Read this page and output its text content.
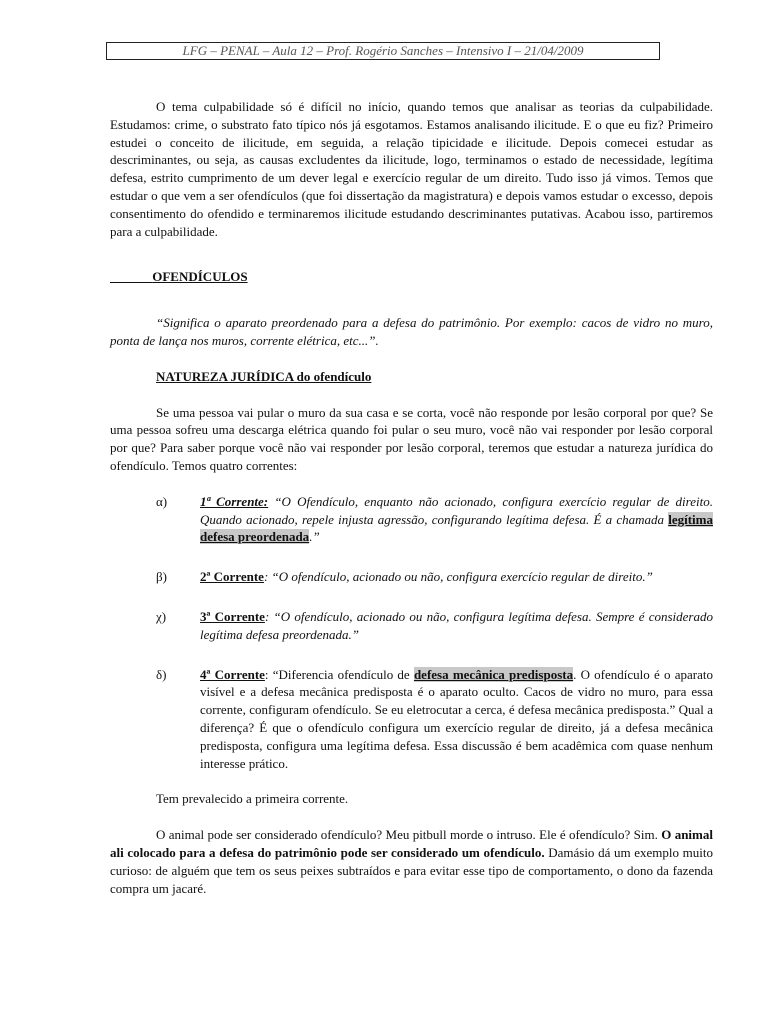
LFG – PENAL – Aula 12 – Prof. Rogério Sanches – Intensivo I – 21/04/2009

O tema culpabilidade só é difícil no início, quando temos que analisar as teorias da culpabilidade. Estudamos: crime, o substrato fato típico nós já esgotamos. Estamos analisando ilicitude. E o que eu fiz? Primeiro estudei o conceito de ilicitude, em seguida, a relação tipicidade e ilicitude. Depois comecei estudar as descriminantes, ou seja, as causas excludentes da ilicitude, logo, terminamos o estado de necessidade, legítima defesa, estrito cumprimento de um dever legal e exercício regular de um direito. Tudo isso já vimos. Temos que estudar o que vem a ser ofendículos (que foi dissertação da magistratura) e depois vamos estudar o excesso, depois consentimento do ofendido e terminaremos ilicitude estudando descriminantes putativas. Acabou isso, partiremos para a culpabilidade.

OFENDÍCULOS

“Significa o aparato preordenado para a defesa do patrimônio. Por exemplo: cacos de vidro no muro, ponta de lança nos muros, corrente elétrica, etc...”.

NATUREZA JURÍDICA do ofendículo

Se uma pessoa vai pular o muro da sua casa e se corta, você não responde por lesão corporal por que? Se uma pessoa sofreu uma descarga elétrica quando foi pular o seu muro, você não vai responder por lesão corporal por que? Para saber porque você não vai responder por lesão corporal, teremos que estudar a natureza jurídica do ofendículo. Temos quatro correntes:

α)	1ª Corrente: “O Ofendículo, enquanto não acionado, configura exercício regular de direito. Quando acionado, repele injusta agressão, configurando legítima defesa. É a chamada legítima defesa preordenada.”
β)	2ª Corrente: “O ofendículo, acionado ou não, configura exercício regular de direito.”
χ)	3ª Corrente: “O ofendículo, acionado ou não, configura legítima defesa. Sempre é considerado legítima defesa preordenada.”
δ)	4ª Corrente: “Diferencia ofendículo de defesa mecânica predisposta. O ofendículo é o aparato visível e a defesa mecânica predisposta é o aparato oculto. Cacos de vidro no muro, para essa corrente, configuram ofendículo. Se eu eletrocutar a cerca, é defesa mecânica predisposta.” Qual a diferença? É que o ofendículo configura um exercício regular de direito, já a defesa mecânica predisposta, configura uma legítima defesa. Essa discussão é bem acadêmica com quase nenhum interesse prático.

Tem prevalecido a primeira corrente.

O animal pode ser considerado ofendículo? Meu pitbull morde o intruso. Ele é ofendículo? Sim. O animal ali colocado para a defesa do patrimônio pode ser considerado um ofendículo. Damásio dá um exemplo muito curioso: de alguém que tem os seus peixes subtraídos e para evitar esse tipo de comportamento, o dono da fazenda compra um jacaré.
